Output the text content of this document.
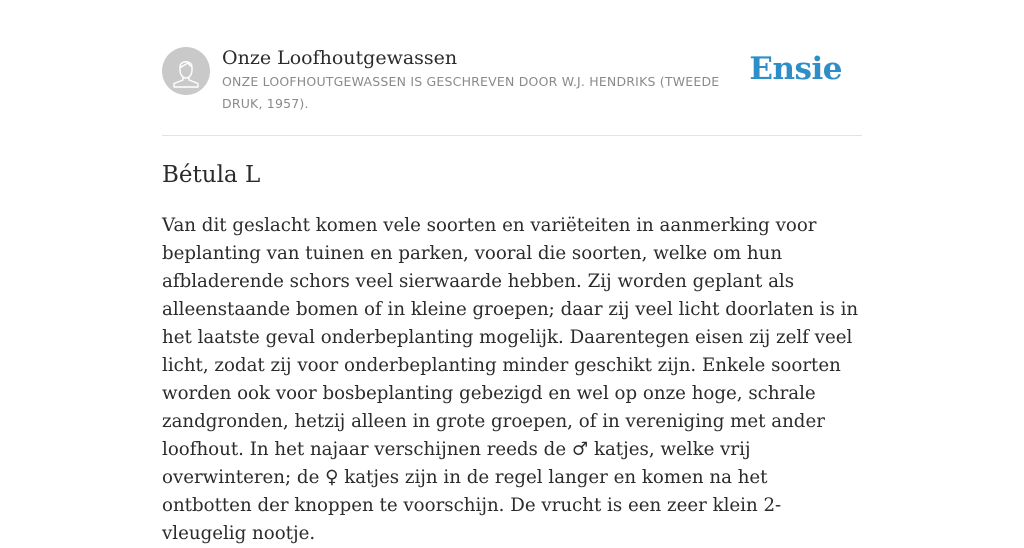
Onze Loofhoutgewassen

ONZE LOOFHOUTGEWASSEN IS GESCHREVEN DOOR W.J. HENDRIKS (TWEEDE DRUK, 1957).
Ensie
Bétula L

Van dit geslacht komen vele soorten en variëteiten in aanmerking voor beplanting van tuinen en parken, vooral die soorten, welke om hun afbladerende schors veel sierwaarde hebben. Zij worden geplant als alleenstaande bomen of in kleine groepen; daar zij veel licht doorlaten is in het laatste geval onderbeplanting mogelijk. Daarentegen eisen zij zelf veel licht, zodat zij voor onderbeplanting minder geschikt zijn. Enkele soorten worden ook voor bosbeplanting gebezigd en wel op onze hoge, schrale zandgronden, hetzij alleen in grote groepen, of in vereniging met ander loofhout. In het najaar verschijnen reeds de ♂ katjes, welke vrij overwinteren; de ♀ katjes zijn in de regel langer en komen na het ontbotten der knoppen te voorschijn. De vrucht is een zeer klein 2-vleugelig nootje.
